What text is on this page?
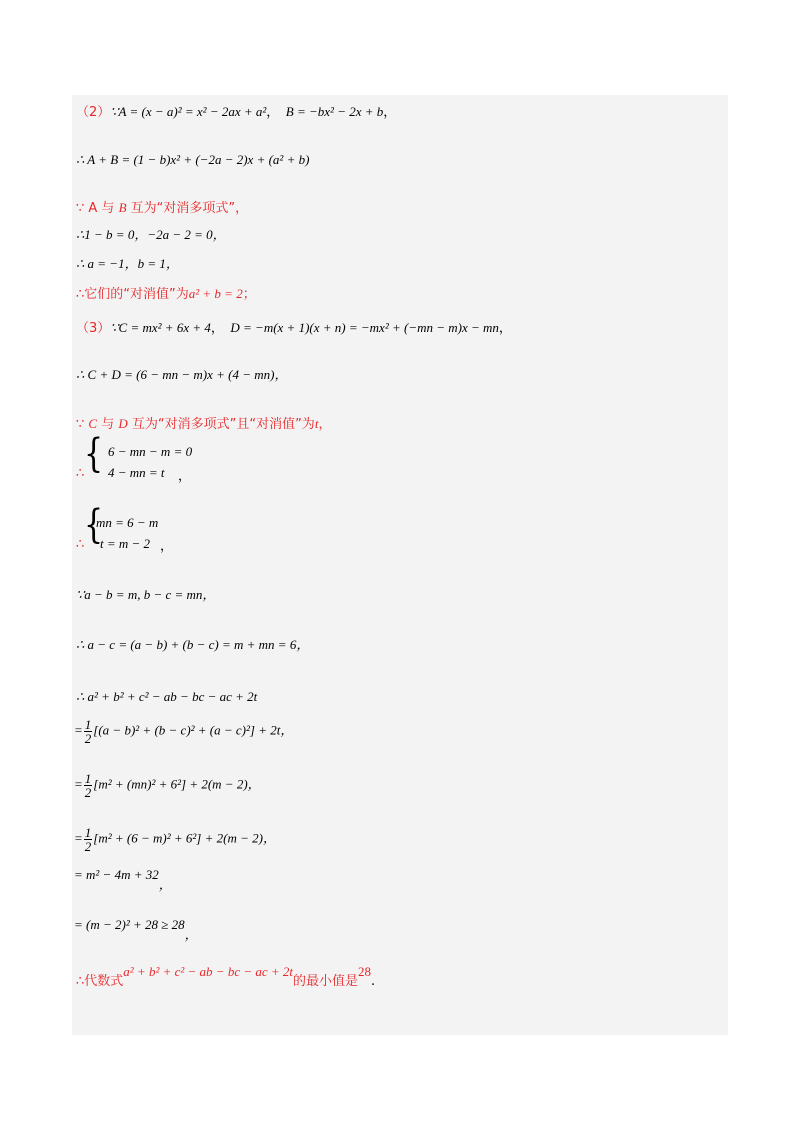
（2）∵A = (x − a)² = x² − 2ax + a²， B = −bx² − 2x + b，
∴ A + B = (1 − b)x² + (−2a − 2)x + (a² + b)
∵ A 与 B 互为“对消多项式”，
∴1 − b = 0，−2a − 2 = 0，
∴ a = −1，b = 1，
∴它们的“对消值”为a² + b = 2；
（3）∵C = mx² + 6x + 4， D = −m(x + 1)(x + n) = −mx² + (−mn − m)x − mn，
∴ C + D = (6 − mn − m)x + (4 − mn)，
∵ C 与 D 互为“对消多项式”且“对消值”为t，
∴ { 6 − mn − m = 0
4 − mn = t ，
∴ {
mn = 6 − m
t = m − 2 ，
∵a − b = m, b − c = mn，
∴ a − c = (a − b) + (b − c) = m + mn = 6，
∴ a² + b² + c² − ab − bc − ac + 2t
= $\frac{1}{2} [(a - b)^2 + (b - c)^2 + (a - c)^2] + 2t$，
= $\frac{1}{2} [m^2 + (mn)^2 + 6^2] + 2(m - 2)$，
= $\frac{1}{2} [m^2 + (6 - m)^2 + 6^2] + 2(m - 2)$，
= m² − 4m + 32，
= (m − 2)² + 28 ≥ 28，
∴代数式a² + b² + c² − ab − bc − ac + 2t的最小值是28.
